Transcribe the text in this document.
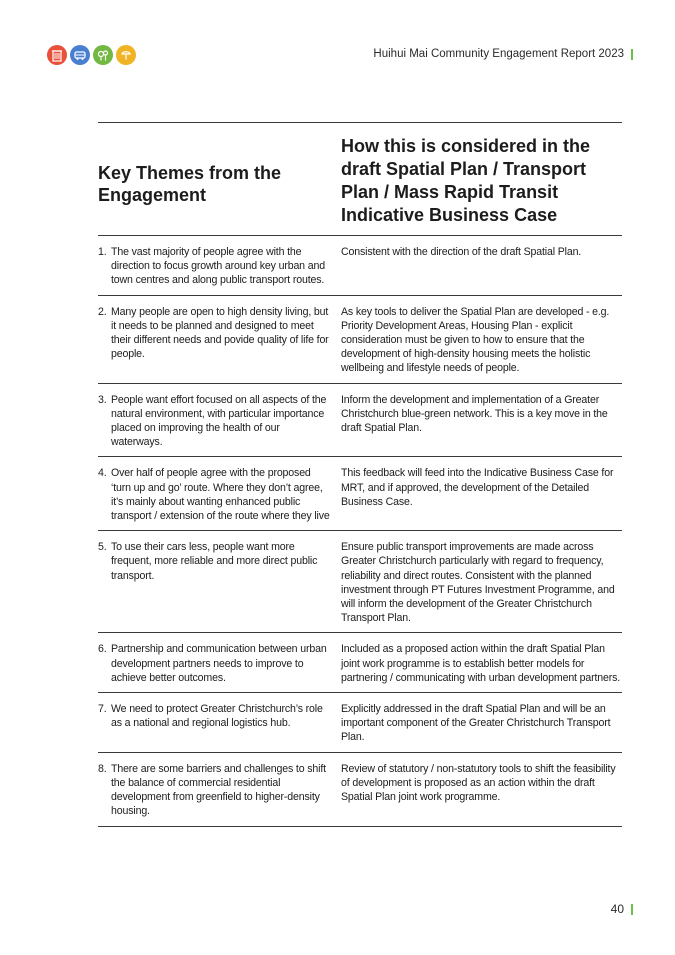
Huihui Mai Community Engagement Report 2023
Key Themes from the Engagement	How this is considered in the draft Spatial Plan / Transport Plan / Mass Rapid Transit Indicative Business Case

1. The vast majority of people agree with the direction to focus growth around key urban and town centres and along public transport routes.	Consistent with the direction of the draft Spatial Plan.

2. Many people are open to high density living, but it needs to be planned and designed to meet their different needs and povide quality of life for people.	As key tools to deliver the Spatial Plan are developed - e.g. Priority Development Areas, Housing Plan - explicit consideration must be given to how to ensure that the development of high-density housing meets the holistic wellbeing and lifestyle needs of people.

3. People want effort focused on all aspects of the natural environment, with particular importance placed on improving the health of our waterways.	Inform the development and implementation of a Greater Christchurch blue-green network. This is a key move in the draft Spatial Plan.

4. Over half of people agree with the proposed ‘turn up and go’ route. Where they don’t agree, it’s mainly about wanting enhanced public transport / extension of the route where they live	This feedback will feed into the Indicative Business Case for MRT, and if approved, the development of the Detailed Business Case.

5. To use their cars less, people want more frequent, more reliable and more direct public transport.	Ensure public transport improvements are made across Greater Christchurch particularly with regard to frequency, reliability and direct routes. Consistent with the planned investment through PT Futures Investment Programme, and will inform the development of the Greater Christchurch Transport Plan.

6. Partnership and communication between urban development partners needs to improve to achieve better outcomes.	Included as a proposed action within the draft Spatial Plan joint work programme is to establish better models for partnering / communicating with urban development partners.

7. We need to protect Greater Christchurch’s role as a national and regional logistics hub.	Explicitly addressed in the draft Spatial Plan and will be an important component of the Greater Christchurch Transport Plan.

8. There are some barriers and challenges to shift the balance of commercial residential development from greenfield to higher-density housing.	Review of statutory / non-statutory tools to shift the feasibility of development is proposed as an action within the draft Spatial Plan joint work programme.
40
